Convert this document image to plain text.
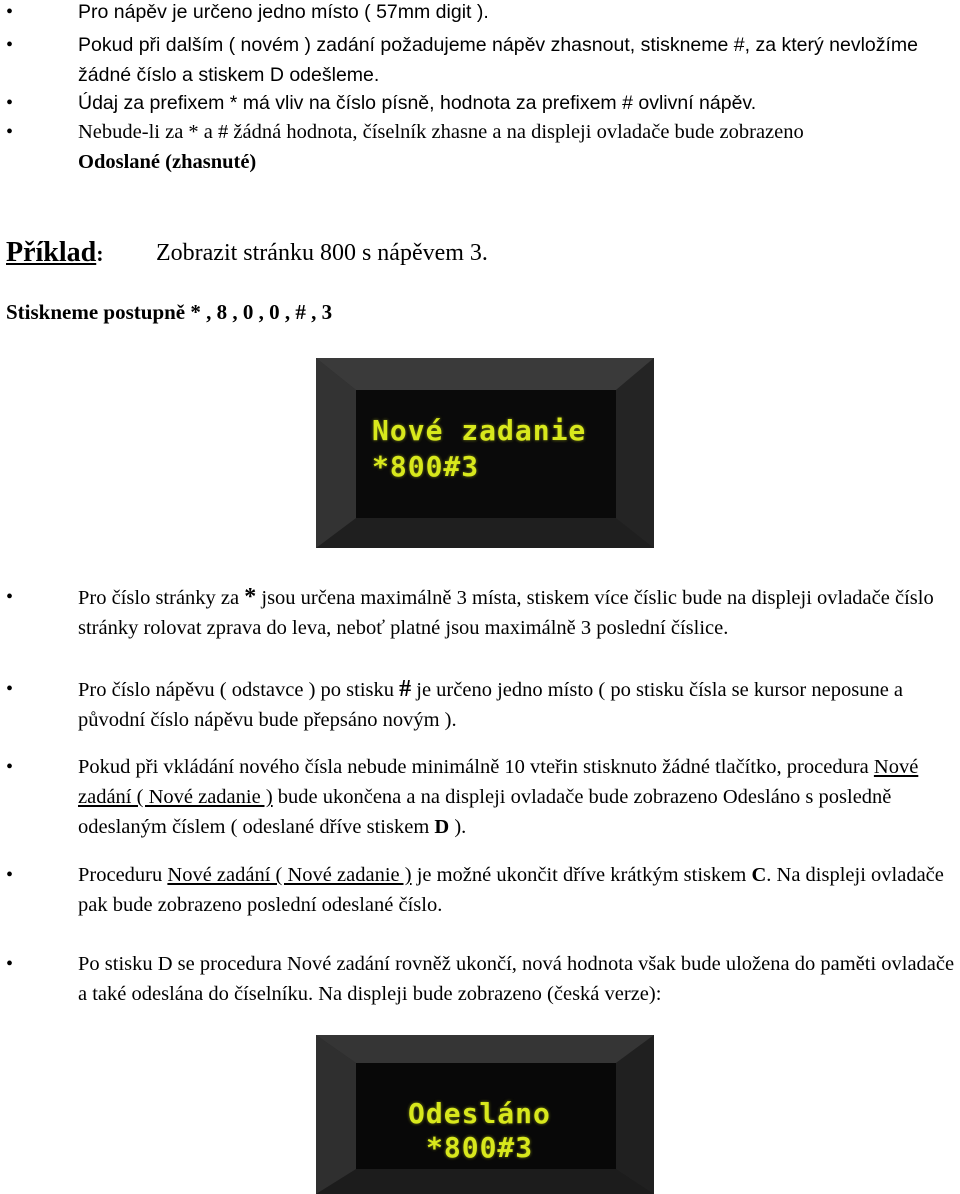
•	Pro nápěv je určeno jedno místo ( 57mm digit ).
•	Pokud při dalším ( novém ) zadání požadujeme nápěv zhasnout, stiskneme #, za který nevložíme žádné číslo a stiskem D odešleme.
•	Údaj za prefixem * má vliv na číslo písně, hodnota za prefixem # ovlivní nápěv.
•	Nebude-li za * a # žádná hodnota, číselník zhasne a na displeji ovladače bude zobrazeno
Odoslané (zhasnuté)
Příklad: Zobrazit stránku 800 s nápěvem 3.
Stiskneme postupně * , 8 , 0 , 0 , # , 3
Nové zadanie
*800#3
•	Pro číslo stránky za * jsou určena maximálně 3 místa, stiskem více číslic bude na displeji ovladače číslo stránky rolovat zprava do leva, neboť platné jsou maximálně 3 poslední číslice.
•	Pro číslo nápěvu ( odstavce ) po stisku # je určeno jedno místo ( po stisku čísla se kursor neposune a původní číslo nápěvu bude přepsáno novým ).
•	Pokud při vkládání nového čísla nebude minimálně 10 vteřin stisknuto žádné tlačítko, procedura Nové zadání ( Nové zadanie ) bude ukončena a na displeji ovladače bude zobrazeno Odesláno s posledně odeslaným číslem ( odeslané dříve stiskem D ).
•	Proceduru Nové zadání ( Nové zadanie ) je možné ukončit dříve krátkým stiskem C. Na displeji ovladače pak bude zobrazeno poslední odeslané číslo.
•	Po stisku D se procedura Nové zadání rovněž ukončí, nová hodnota však bude uložena do paměti ovladače a také odeslána do číselníku. Na displeji bude zobrazeno (česká verze):
Odesláno
*800#3
